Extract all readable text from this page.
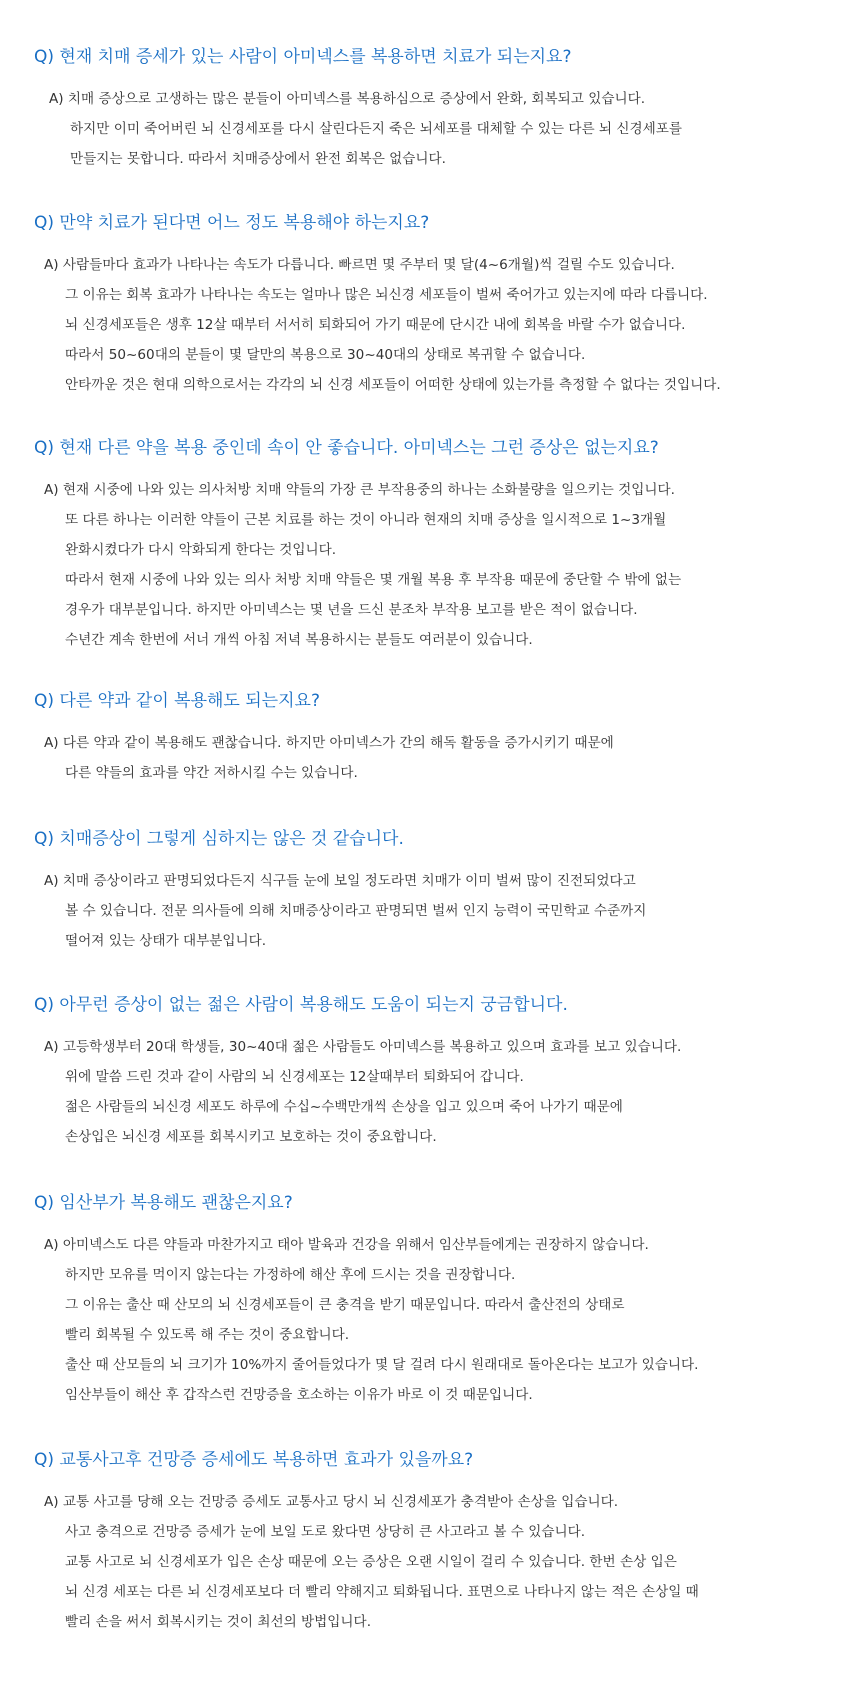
Q) 현재 치매 증세가 있는 사람이 아미넥스를 복용하면 치료가 되는지요?
A) 치매 증상으로 고생하는 많은 분들이 아미넥스를 복용하심으로 증상에서 완화, 회복되고 있습니다.
하지만 이미 죽어버린 뇌 신경세포를 다시 살린다든지 죽은 뇌세포를 대체할 수 있는 다른 뇌 신경세포를
만들지는 못합니다. 따라서 치매증상에서 완전 회복은 없습니다.
Q) 만약 치료가 된다면 어느 정도 복용해야 하는지요?
A) 사람들마다 효과가 나타나는 속도가 다릅니다. 빠르면 몇 주부터 몇 달(4~6개월)씩 걸릴 수도 있습니다.
그 이유는 회복 효과가 나타나는 속도는 얼마나 많은 뇌신경 세포들이 벌써 죽어가고 있는지에 따라 다릅니다.
뇌 신경세포들은 생후 12살 때부터 서서히 퇴화되어 가기 때문에 단시간 내에 회복을 바랄 수가 없습니다.
따라서 50~60대의 분들이 몇 달만의 복용으로 30~40대의 상태로 복귀할 수 없습니다.
안타까운 것은 현대 의학으로서는 각각의 뇌 신경 세포들이 어떠한 상태에 있는가를 측정할 수 없다는 것입니다.
Q) 현재 다른 약을 복용 중인데 속이 안 좋습니다. 아미넥스는 그런 증상은 없는지요?
A) 현재 시중에 나와 있는 의사처방 치매 약들의 가장 큰 부작용중의 하나는 소화불량을 일으키는 것입니다.
또 다른 하나는 이러한 약들이 근본 치료를 하는 것이 아니라 현재의 치매 증상을 일시적으로 1~3개월
완화시켰다가 다시 악화되게 한다는 것입니다.
따라서 현재 시중에 나와 있는 의사 처방 치매 약들은 몇 개월 복용 후 부작용 때문에 중단할 수 밖에 없는
경우가 대부분입니다. 하지만 아미넥스는 몇 년을 드신 분조차 부작용 보고를 받은 적이 없습니다.
수년간 계속 한번에 서너 개씩 아침 저녁 복용하시는 분들도 여러분이 있습니다.
Q) 다른 약과 같이 복용해도 되는지요?
A) 다른 약과 같이 복용해도 괜찮습니다. 하지만 아미넥스가 간의 해독 활동을 증가시키기 때문에
다른 약들의 효과를 약간 저하시킬 수는 있습니다.
Q) 치매증상이 그렇게 심하지는 않은 것 같습니다.
A) 치매 증상이라고 판명되었다든지 식구들 눈에 보일 정도라면 치매가 이미 벌써 많이 진전되었다고
볼 수 있습니다. 전문 의사들에 의해 치매증상이라고 판명되면 벌써 인지 능력이 국민학교 수준까지
떨어져 있는 상태가 대부분입니다.
Q) 아무런 증상이 없는 젊은 사람이 복용해도 도움이 되는지 궁금합니다.
A) 고등학생부터 20대 학생들, 30~40대 젊은 사람들도 아미넥스를 복용하고 있으며 효과를 보고 있습니다.
위에 말씀 드린 것과 같이 사람의 뇌 신경세포는 12살때부터 퇴화되어 갑니다.
젊은 사람들의 뇌신경 세포도 하루에 수십~수백만개씩 손상을 입고 있으며 죽어 나가기 때문에
손상입은 뇌신경 세포를 회복시키고 보호하는 것이 중요합니다.
Q) 임산부가 복용해도 괜찮은지요?
A) 아미넥스도 다른 약들과 마찬가지고 태아 발육과 건강을 위해서 임산부들에게는 권장하지 않습니다.
하지만 모유를 먹이지 않는다는 가정하에 해산 후에 드시는 것을 권장합니다.
그 이유는 출산 때 산모의 뇌 신경세포들이 큰 충격을 받기 때문입니다. 따라서 출산전의 상태로
빨리 회복될 수 있도록 해 주는 것이 중요합니다.
출산 때 산모들의 뇌 크기가 10%까지 줄어들었다가 몇 달 걸려 다시 원래대로 돌아온다는 보고가 있습니다.
임산부들이 해산 후 갑작스런 건망증을 호소하는 이유가 바로 이 것 때문입니다.
Q) 교통사고후 건망증 증세에도 복용하면 효과가 있을까요?
A) 교통 사고를 당해 오는 건망증 증세도 교통사고 당시 뇌 신경세포가 충격받아 손상을 입습니다.
사고 충격으로 건망증 증세가 눈에 보일 도로 왔다면 상당히 큰 사고라고 볼 수 있습니다.
교통 사고로 뇌 신경세포가 입은 손상 때문에 오는 증상은 오랜 시일이 걸리 수 있습니다. 한번 손상 입은
뇌 신경 세포는 다른 뇌 신경세포보다 더 빨리 약해지고 퇴화됩니다. 표면으로 나타나지 않는 적은 손상일 때
빨리 손을 써서 회복시키는 것이 최선의 방법입니다.
